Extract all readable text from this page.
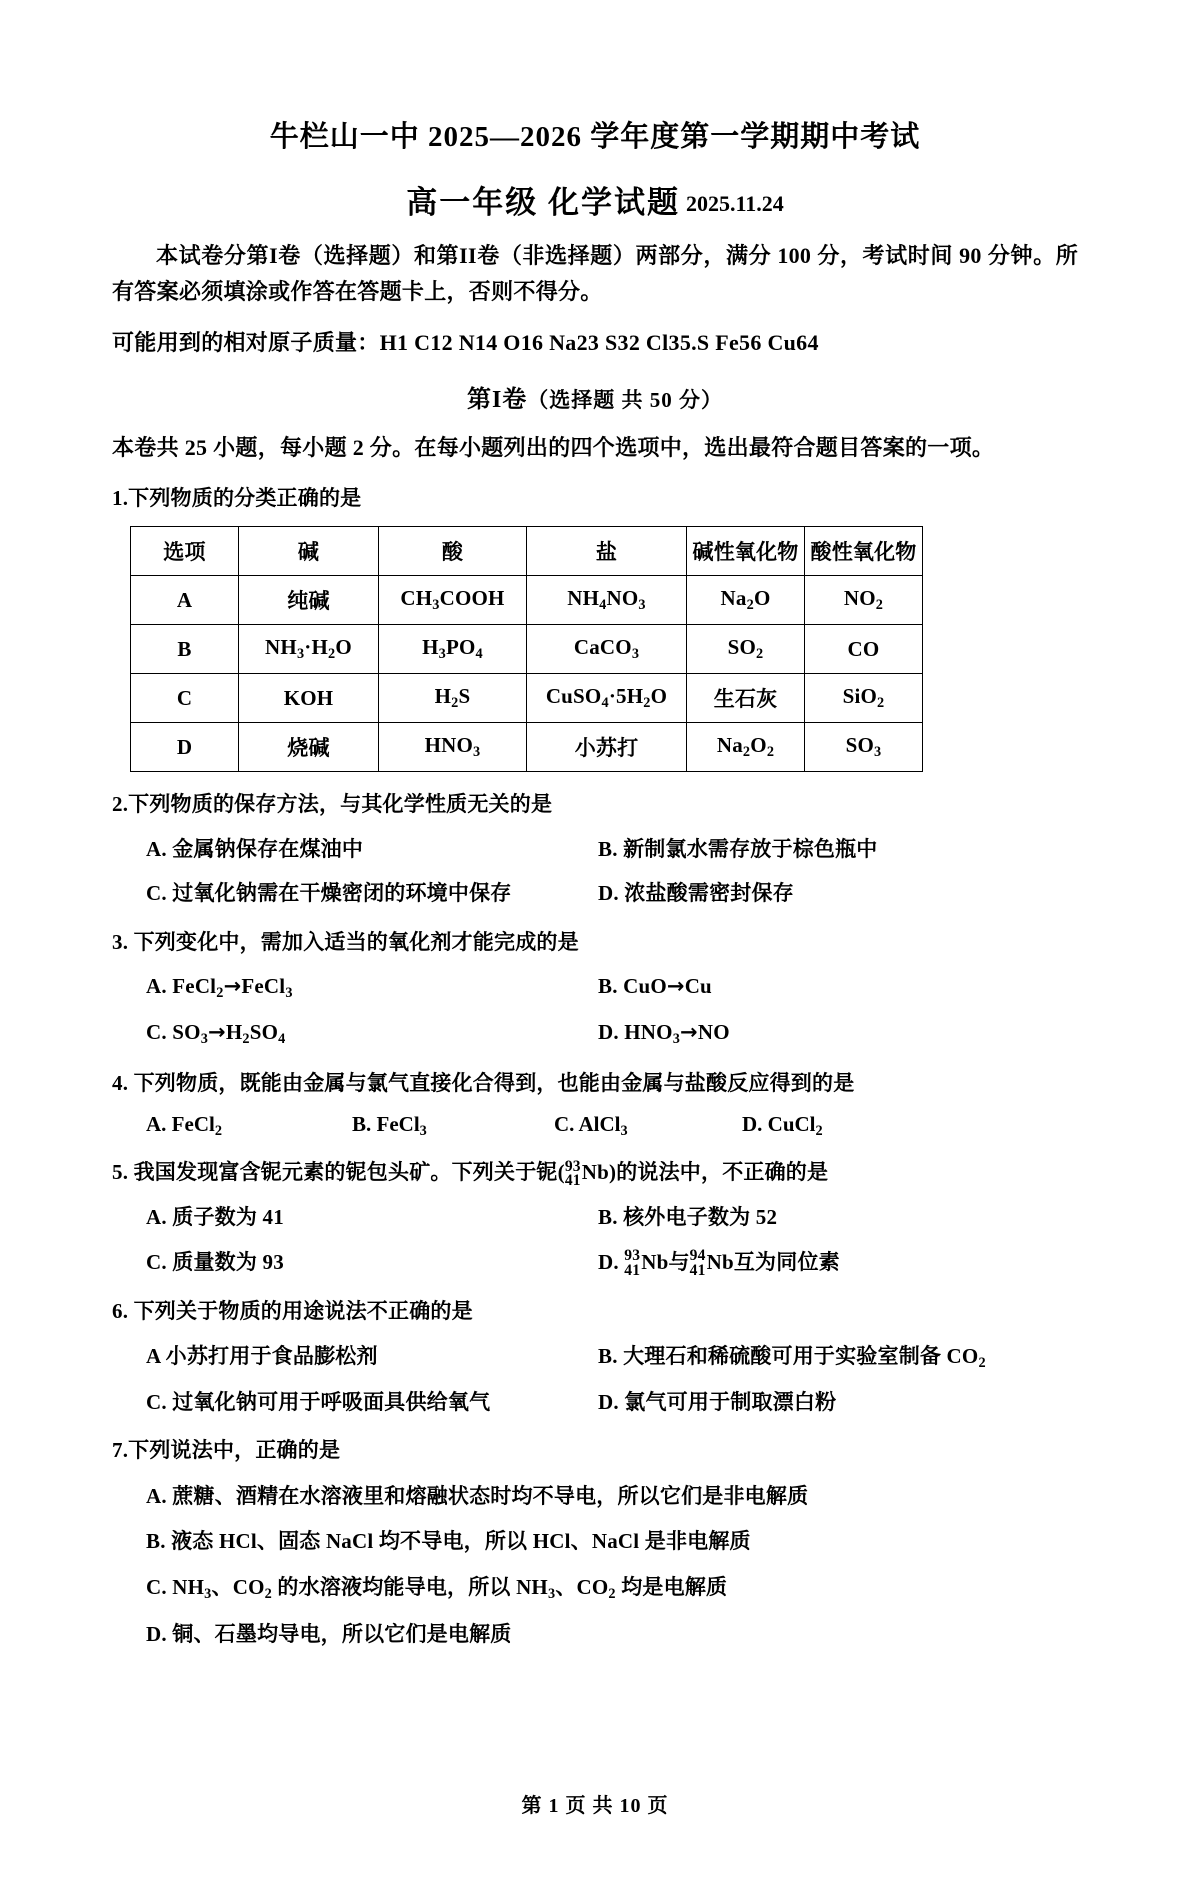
牛栏山一中 2025—2026 学年度第一学期期中考试
高一年级 化学试题 2025.11.24

本试卷分第I卷（选择题）和第II卷（非选择题）两部分，满分 100 分，考试时间 90 分钟。所有答案必须填涂或作答在答题卡上，否则不得分。

可能用到的相对原子质量：H1 C12 N14 O16 Na23 S32 Cl35.S Fe56 Cu64

第I卷（选择题 共 50 分）

本卷共 25 小题，每小题 2 分。在每小题列出的四个选项中，选出最符合题目答案的一项。

1.下列物质的分类正确的是
选项	碱	酸	盐	碱性氧化物	酸性氧化物
A	纯碱	$CH_3COOH$	$NH_4NO_3$	$Na_2O$	$NO_2$
B	$NH_3\cdot H_2O$	$H_3PO_4$	CaCO$_3$	$SO_2$	CO
C	KOH	$H_2S$	$CuSO_4\cdot 5H_2O$	生石灰	SiO$_2$
D	烧碱	$HNO_3$	小苏打	$Na_2O_2$	$SO_3$
2.下列物质的保存方法，与其化学性质无关的是
A. 金属钠保存在煤油中	B. 新制氯水需存放于棕色瓶中
C. 过氧化钠需在干燥密闭的环境中保存	D. 浓盐酸需密封保存
3. 下列变化中，需加入适当的氧化剂才能完成的是
A. FeCl$_2$→FeCl$_3$	B. CuO→Cu
C. $SO_3\to H_2SO_4$	D. $HNO_3\to NO$
4. 下列物质，既能由金属与氯气直接化合得到，也能由金属与盐酸反应得到的是
A. FeCl$_2$	B. FeCl$_3$	C. AlCl$_3$	D. CuCl$_2$
5. 我国发现富含铌元素的铌包头矿。下列关于铌( 93
41 Nb)的说法中，不正确的是
A. 质子数为 41	B. 核外电子数为 52
C. 质量数为 93	D. 93
41 Nb与 94
41 Nb互为同位素
6. 下列关于物质的用途说法不正确的是
A 小苏打用于食品膨松剂	B. 大理石和稀硫酸可用于实验室制备 $CO_2$
C. 过氧化钠可用于呼吸面具供给氧气	D. 氯气可用于制取漂白粉
7.下列说法中，正确的是
A. 蔗糖、酒精在水溶液里和熔融状态时均不导电，所以它们是非电解质
B. 液态 HCl、固态 NaCl 均不导电，所以 HCl、NaCl 是非电解质
C. $NH_3$、$CO_2$ 的水溶液均能导电，所以 $NH_3$、$CO_2$ 均是电解质
D. 铜、石墨均导电，所以它们是电解质
第 1 页 共 10 页
